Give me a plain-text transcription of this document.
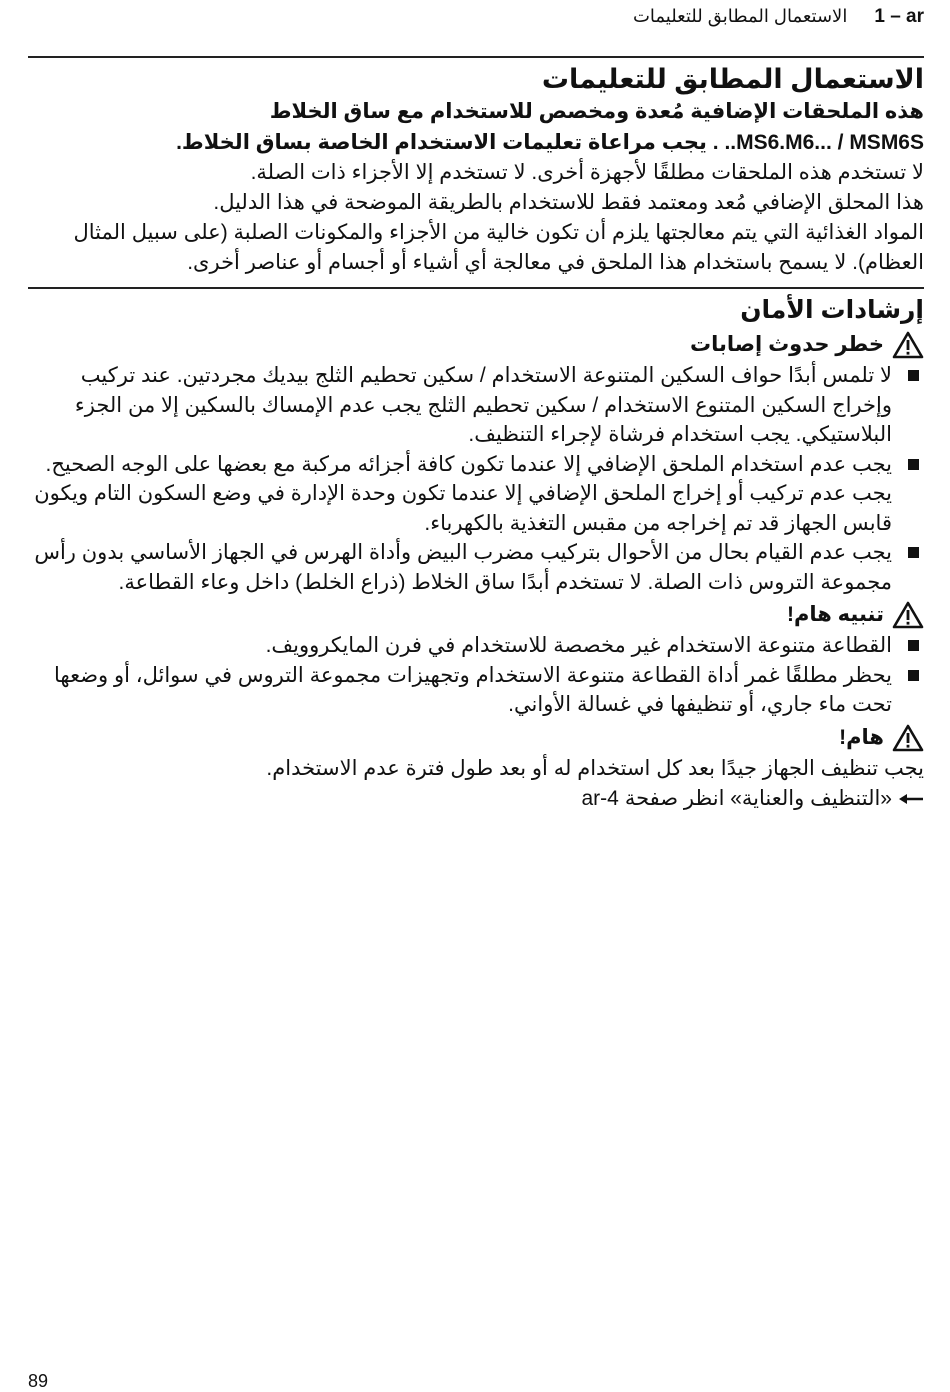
1 – ar الاستعمال المطابق للتعليمات
الاستعمال المطابق للتعليمات
هذه الملحقات الإضافية مُعدة ومخصص للاستخدام مع ساق الخلاط
MS6.M6... / MSM6S.. . يجب مراعاة تعليمات الاستخدام الخاصة بساق الخلاط.

لا تستخدم هذه الملحقات مطلقًا لأجهزة أخرى. لا تستخدم إلا الأجزاء ذات الصلة.

هذا المحلق الإضافي مُعد ومعتمد فقط للاستخدام بالطريقة الموضحة في هذا الدليل.

المواد الغذائية التي يتم معالجتها يلزم أن تكون خالية من الأجزاء والمكونات الصلبة (على سبيل المثال العظام). لا يسمح باستخدام هذا الملحق في معالجة أي أشياء أو أجسام أو عناصر أخرى.

إرشادات الأمان
خطر حدوث إصابات
لا تلمس أبدًا حواف السكين المتنوعة الاستخدام / سكين تحطيم الثلج بيديك مجردتين. عند تركيب وإخراج السكين المتنوع الاستخدام / سكين تحطيم الثلج يجب عدم الإمساك بالسكين إلا من الجزء البلاستيكي. يجب استخدام فرشاة لإجراء التنظيف.
يجب عدم استخدام الملحق الإضافي إلا عندما تكون كافة أجزائه مركبة مع بعضها على الوجه الصحيح. يجب عدم تركيب أو إخراج الملحق الإضافي إلا عندما تكون وحدة الإدارة في وضع السكون التام ويكون قابس الجهاز قد تم إخراجه من مقبس التغذية بالكهرباء.
يجب عدم القيام بحال من الأحوال بتركيب مضرب البيض وأداة الهرس في الجهاز الأساسي بدون رأس مجموعة التروس ذات الصلة. لا تستخدم أبدًا ساق الخلاط (ذراع الخلط) داخل وعاء القطاعة.
تنبيه هام!
القطاعة متنوعة الاستخدام غير مخصصة للاستخدام في فرن المايكروويف.
يحظر مطلقًا غمر أداة القطاعة متنوعة الاستخدام وتجهيزات مجموعة التروس في سوائل، أو وضعها تحت ماء جاري، أو تنظيفها في غسالة الأواني.
هام!

يجب تنظيف الجهاز جيدًا بعد كل استخدام له أو بعد طول فترة عدم الاستخدام.

«التنظيف والعناية» انظر صفحة
ar-4
89
